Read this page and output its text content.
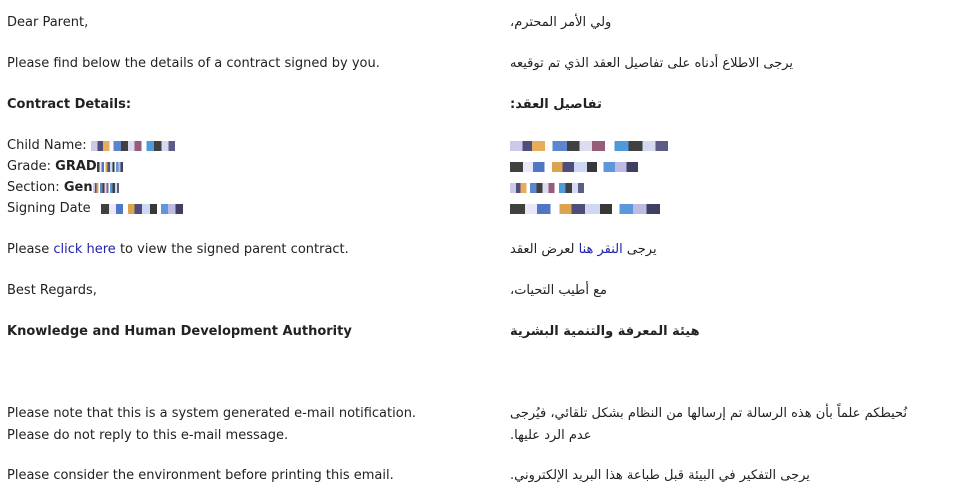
Dear Parent,
Please find below the details of a contract signed by you.
Contract Details:
Child Name:
Grade: GRAD
Section: Gen
Signing Date
Please click here to view the signed parent contract.
Best Regards,
Knowledge and Human Development Authority
Please note that this is a system generated e-mail notification. Please do not reply to this e-mail message.
Please consider the environment before printing this email.
ولي الأمر المحترم،
يرجى الاطلاع أدناه على تفاصيل العقد الذي تم توقيعه
تفاصيل العقد:
يرجى النقر هنا لعرض العقد
مع أطيب التحيات،
هيئة المعرفة والتنمية البشرية
نُحيطكم علماً بأن هذه الرسالة تم إرسالها من النظام بشكل تلقائي، فيُرجى
عدم الرد عليها.
يرجى التفكير في البيئة قبل طباعة هذا البريد الإلكتروني.
